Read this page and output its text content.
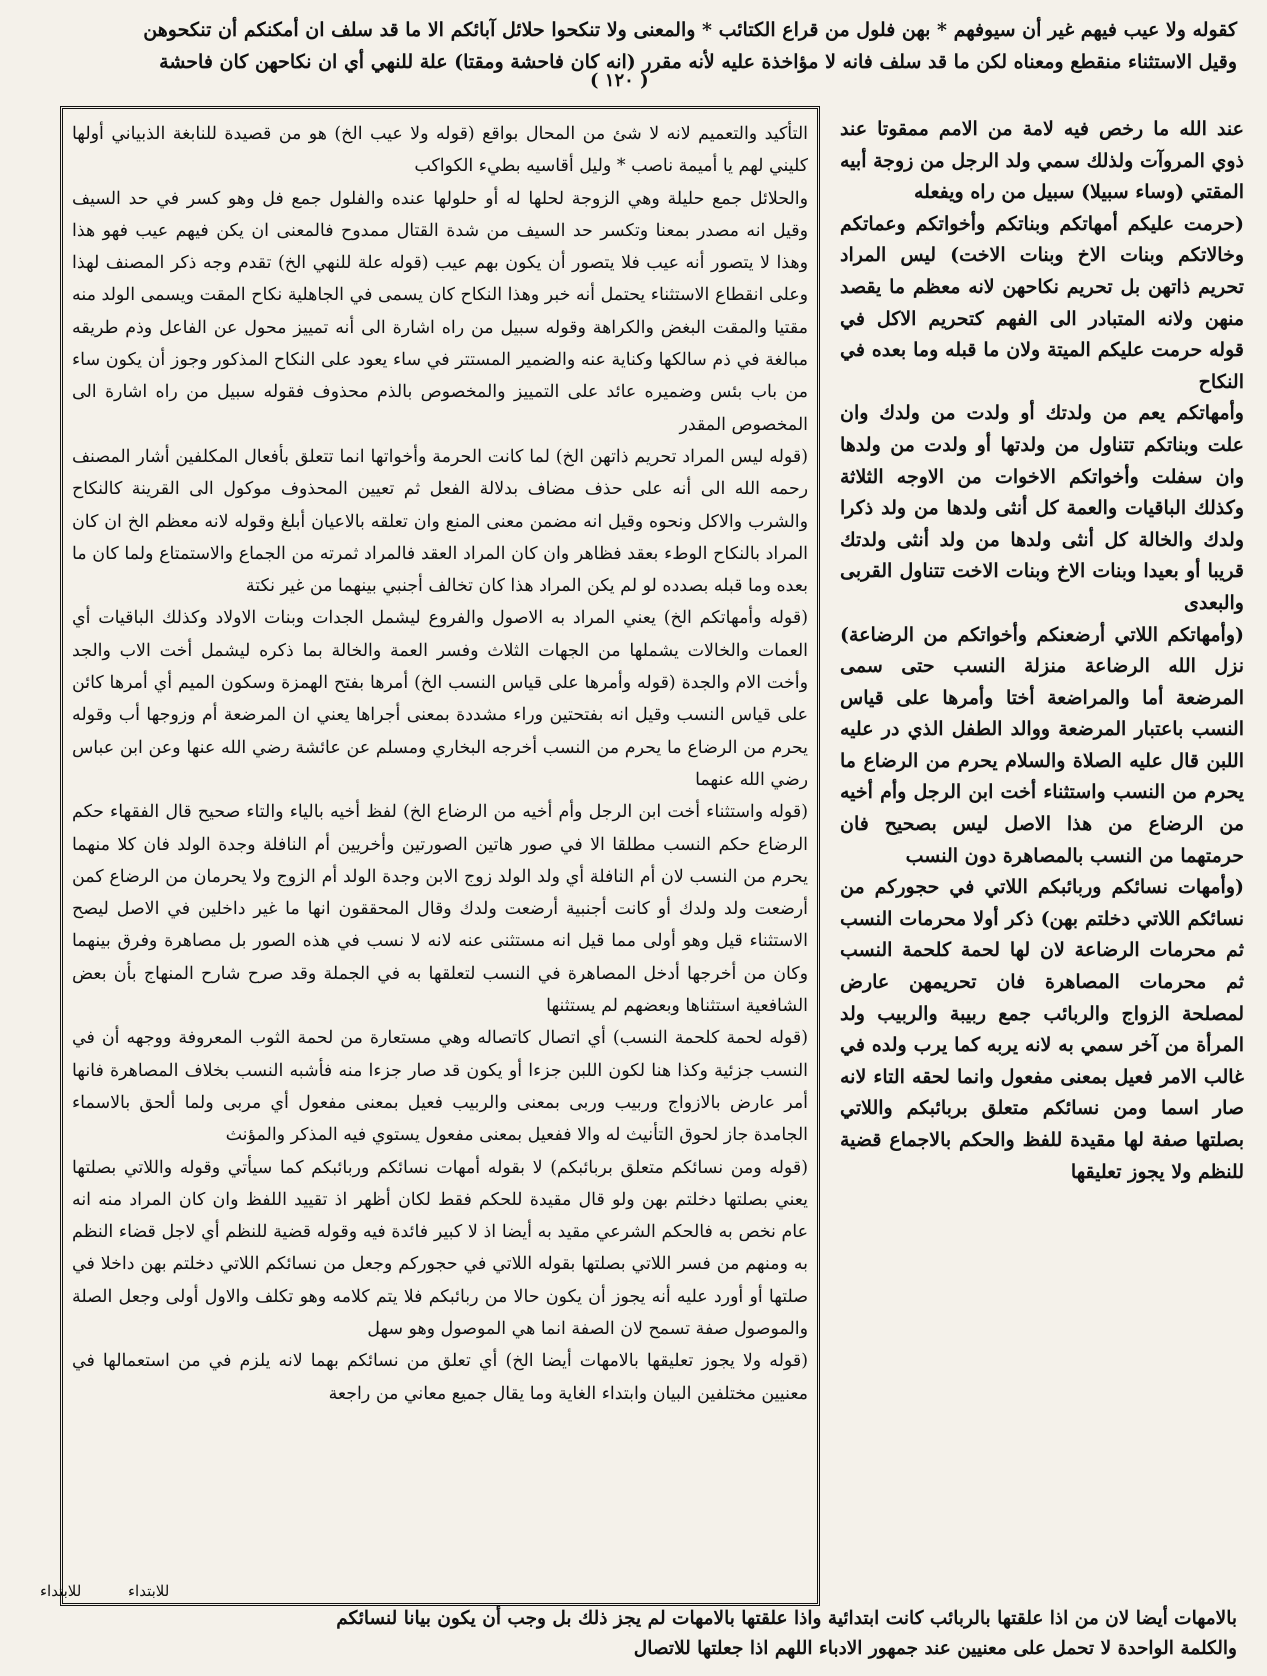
كقوله ولا عيب فيهم غير أن سيوفهم * بهن فلول من قراع الكتائب * والمعنى ولا تنكحوا حلائل آبائكم الا ما قد سلف ان أمكنكم أن تنكحوهن
وقيل الاستثناء منقطع ومعناه لكن ما قد سلف فانه لا مؤاخذة عليه لأنه مقرر (انه كان فاحشة ومقتا) علة للنهي أي ان نكاحهن كان فاحشة
( ١٢٠ )

التأكيد والتعميم لانه لا شئ من المحال بواقع (قوله ولا عيب الخ) هو من قصيدة للنابغة الذبياني أولها كليني لهم يا أميمة ناصب * وليل أقاسيه بطيء الكواكب

والحلائل جمع حليلة وهي الزوجة لحلها له أو حلولها عنده والفلول جمع فل وهو كسر في حد السيف وقيل انه مصدر بمعنا وتكسر حد السيف من شدة القتال ممدوح فالمعنى ان يكن فيهم عيب فهو هذا وهذا لا يتصور أنه عيب فلا يتصور أن يكون بهم عيب (قوله علة للنهي الخ) تقدم وجه ذكر المصنف لهذا وعلى انقطاع الاستثناء يحتمل أنه خبر وهذا النكاح كان يسمى في الجاهلية نكاح المقت ويسمى الولد منه مقتيا والمقت البغض والكراهة وقوله سبيل من راه اشارة الى أنه تمييز محول عن الفاعل وذم طريقه مبالغة في ذم سالكها وكناية عنه والضمير المستتر في ساء يعود على النكاح المذكور وجوز أن يكون ساء من باب بئس وضميره عائد على التمييز والمخصوص بالذم محذوف فقوله سبيل من راه اشارة الى المخصوص المقدر

(قوله ليس المراد تحريم ذاتهن الخ) لما كانت الحرمة وأخواتها انما تتعلق بأفعال المكلفين أشار المصنف رحمه الله الى أنه على حذف مضاف بدلالة الفعل ثم تعيين المحذوف موكول الى القرينة كالنكاح والشرب والاكل ونحوه وقيل انه مضمن معنى المنع وان تعلقه بالاعيان أبلغ وقوله لانه معظم الخ ان كان المراد بالنكاح الوطء بعقد فظاهر وان كان المراد العقد فالمراد ثمرته من الجماع والاستمتاع ولما كان ما بعده وما قبله بصدده لو لم يكن المراد هذا كان تخالف أجنبي بينهما من غير نكتة

(قوله وأمهاتكم الخ) يعني المراد به الاصول والفروع ليشمل الجدات وبنات الاولاد وكذلك الباقيات أي العمات والخالات يشملها من الجهات الثلاث وفسر العمة والخالة بما ذكره ليشمل أخت الاب والجد وأخت الام والجدة (قوله وأمرها على قياس النسب الخ) أمرها بفتح الهمزة وسكون الميم أي أمرها كائن على قياس النسب وقيل انه بفتحتين وراء مشددة بمعنى أجراها يعني ان المرضعة أم وزوجها أب وقوله يحرم من الرضاع ما يحرم من النسب أخرجه البخاري ومسلم عن عائشة رضي الله عنها وعن ابن عباس رضي الله عنهما

(قوله واستثناء أخت ابن الرجل وأم أخيه من الرضاع الخ) لفظ أخيه بالياء والتاء صحيح قال الفقهاء حكم الرضاع حكم النسب مطلقا الا في صور هاتين الصورتين وأخريين أم النافلة وجدة الولد فان كلا منهما يحرم من النسب لان أم النافلة أي ولد الولد زوج الابن وجدة الولد أم الزوج ولا يحرمان من الرضاع كمن أرضعت ولد ولدك أو كانت أجنبية أرضعت ولدك وقال المحققون انها ما غير داخلين في الاصل ليصح الاستثناء قيل وهو أولى مما قيل انه مستثنى عنه لانه لا نسب في هذه الصور بل مصاهرة وفرق بينهما وكان من أخرجها أدخل المصاهرة في النسب لتعلقها به في الجملة وقد صرح شارح المنهاج بأن بعض الشافعية استثناها وبعضهم لم يستثنها

(قوله لحمة كلحمة النسب) أي اتصال كاتصاله وهي مستعارة من لحمة الثوب المعروفة ووجهه أن في النسب جزئية وكذا هنا لكون اللبن جزءا أو يكون قد صار جزءا منه فأشبه النسب بخلاف المصاهرة فانها أمر عارض بالازواج وربيب وربى بمعنى والربيب فعيل بمعنى مفعول أي مربى ولما ألحق بالاسماء الجامدة جاز لحوق التأنيث له والا ففعيل بمعنى مفعول يستوي فيه المذكر والمؤنث

(قوله ومن نسائكم متعلق بربائبكم) لا بقوله أمهات نسائكم وربائبكم كما سيأتي وقوله واللاتي بصلتها يعني بصلتها دخلتم بهن ولو قال مقيدة للحكم فقط لكان أظهر اذ تقييد اللفظ وان كان المراد منه انه عام نخص به فالحكم الشرعي مقيد به أيضا اذ لا كبير فائدة فيه وقوله قضية للنظم أي لاجل قضاء النظم به ومنهم من فسر اللاتي بصلتها بقوله اللاتي في حجوركم وجعل من نسائكم اللاتي دخلتم بهن داخلا في صلتها أو أورد عليه أنه يجوز أن يكون حالا من ربائبكم فلا يتم كلامه وهو تكلف والاول أولى وجعل الصلة والموصول صفة تسمح لان الصفة انما هي الموصول وهو سهل

(قوله ولا يجوز تعليقها بالامهات أيضا الخ) أي تعلق من نسائكم بهما لانه يلزم في من استعمالها في معنيين مختلفين البيان وابتداء الغاية وما يقال جميع معاني من راجعة

عند الله ما رخص فيه لامة من الامم ممقوتا عند ذوي المروآت ولذلك سمي ولد الرجل من زوجة أبيه المقتي (وساء سبيلا) سبيل من راه ويفعله

(حرمت عليكم أمهاتكم وبناتكم وأخواتكم وعماتكم وخالاتكم وبنات الاخ وبنات الاخت) ليس المراد تحريم ذاتهن بل تحريم نكاحهن لانه معظم ما يقصد منهن ولانه المتبادر الى الفهم كتحريم الاكل في قوله حرمت عليكم الميتة ولان ما قبله وما بعده في النكاح

وأمهاتكم يعم من ولدتك أو ولدت من ولدك وان علت وبناتكم تتناول من ولدتها أو ولدت من ولدها وان سفلت وأخواتكم الاخوات من الاوجه الثلاثة وكذلك الباقيات والعمة كل أنثى ولدها من ولد ذكرا ولدك والخالة كل أنثى ولدها من ولد أنثى ولدتك قريبا أو بعيدا وبنات الاخ وبنات الاخت تتناول القربى والبعدى

(وأمهاتكم اللاتي أرضعنكم وأخواتكم من الرضاعة) نزل الله الرضاعة منزلة النسب حتى سمى المرضعة أما والمراضعة أختا وأمرها على قياس النسب باعتبار المرضعة ووالد الطفل الذي در عليه اللبن قال عليه الصلاة والسلام يحرم من الرضاع ما يحرم من النسب واستثناء أخت ابن الرجل وأم أخيه من الرضاع من هذا الاصل ليس بصحيح فان حرمتهما من النسب بالمصاهرة دون النسب

(وأمهات نسائكم وربائبكم اللاتي في حجوركم من نسائكم اللاتي دخلتم بهن) ذكر أولا محرمات النسب ثم محرمات الرضاعة لان لها لحمة كلحمة النسب ثم محرمات المصاهرة فان تحريمهن عارض لمصلحة الزواج والربائب جمع ربيبة والربيب ولد المرأة من آخر سمي به لانه يربه كما يرب ولده في غالب الامر فعيل بمعنى مفعول وانما لحقه التاء لانه صار اسما ومن نسائكم متعلق بربائبكم واللاتي بصلتها صفة لها مقيدة للفظ والحكم بالاجماع قضية للنظم ولا يجوز تعليقها

للابتداء
للابتداء
بالامهات أيضا لان من اذا علقتها بالربائب كانت ابتدائية واذا علقتها بالامهات لم يجز ذلك بل وجب أن يكون بيانا لنسائكم
والكلمة الواحدة لا تحمل على معنيين عند جمهور الادباء اللهم اذا جعلتها للاتصال
